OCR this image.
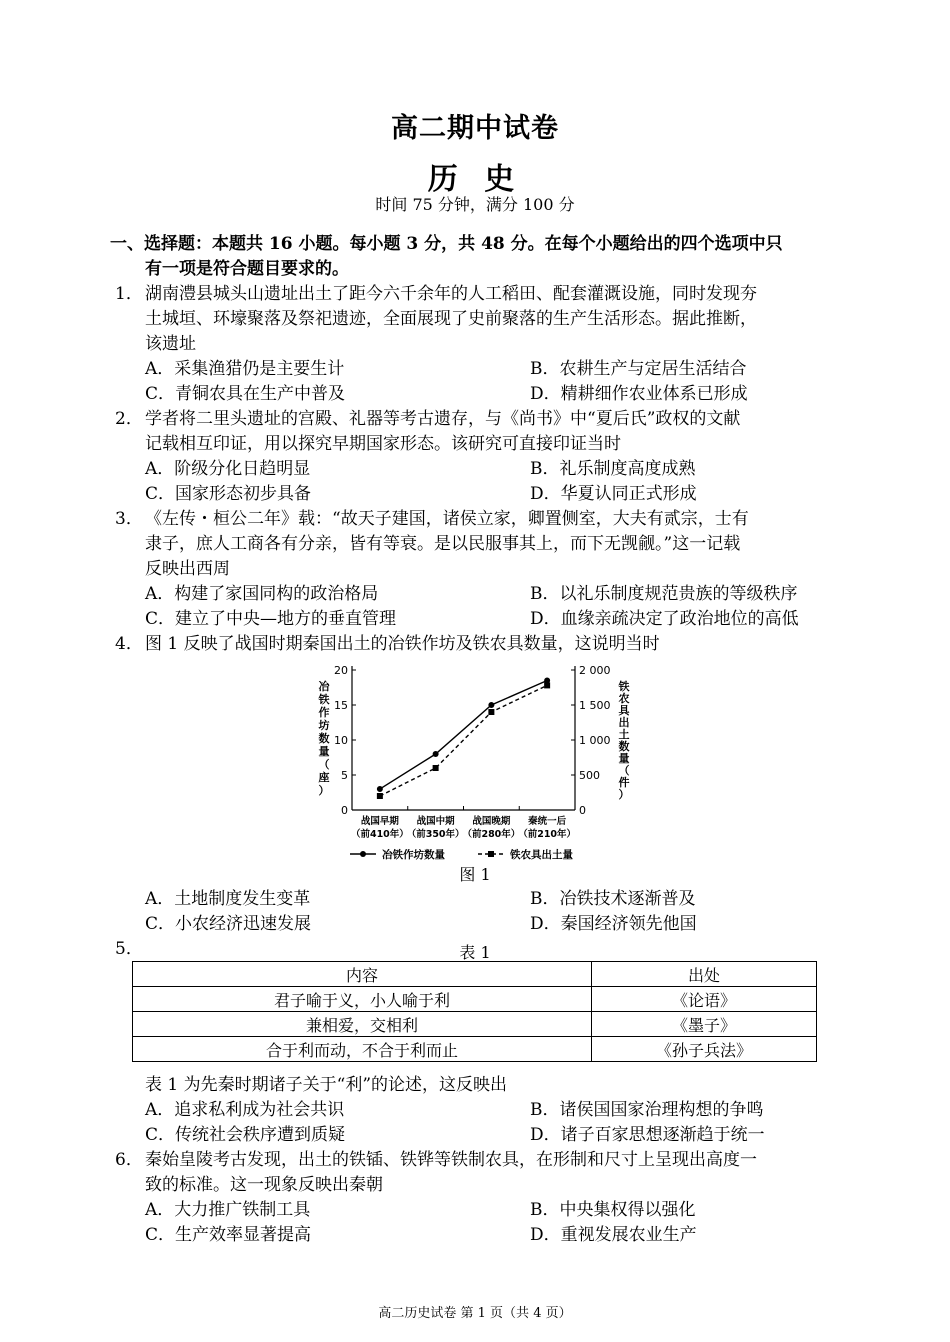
高二期中试卷
历 史
时间 75 分钟，满分 100 分
一、选择题：本题共 16 小题。每小题 3 分，共 48 分。在每个小题给出的四个选项中只
有一项是符合题目要求的。
1． 湖南澧县城头山遗址出土了距今六千余年的人工稻田、配套灌溉设施，同时发现夯
土城垣、环壕聚落及祭祀遗迹，全面展现了史前聚落的生产生活形态。据此推断，
该遗址
A．采集渔猎仍是主要生计	B．农耕生产与定居生活结合
C．青铜农具在生产中普及	D．精耕细作农业体系已形成
2． 学者将二里头遗址的宫殿、礼器等考古遗存，与《尚书》中“夏后氏”政权的文献
记载相互印证，用以探究早期国家形态。该研究可直接印证当时
A．阶级分化日趋明显	B．礼乐制度高度成熟
C．国家形态初步具备	D．华夏认同正式形成
3． 《左传・桓公二年》载：“故天子建国，诸侯立家，卿置侧室，大夫有贰宗，士有
隶子，庶人工商各有分亲，皆有等衰。是以民服事其上，而下无觊觎。”这一记载
反映出西周
A．构建了家国同构的政治格局	B．以礼乐制度规范贵族的等级秩序
C．建立了中央—地方的垂直管理	D．血缘亲疏决定了政治地位的高低
4． 图 1 反映了战国时期秦国出土的冶铁作坊及铁农具数量，这说明当时
0
5
10
15
20
0
500
1 000
1 500
2 000
冶
铁
作
坊
数
量
（
座
）
铁
农
具
出
土
数
量
（
件
）
战国早期
（前410年）
战国中期
（前350年）
战国晚期
（前280年）
秦统一后
（前210年）
冶铁作坊数量	铁农具出土量
图 1
A．土地制度发生变革	B．冶铁技术逐渐普及
C．小农经济迅速发展	D．秦国经济领先他国
5．	表 1
内容	出处
君子喻于义，小人喻于利	《论语》
兼相爱，交相利	《墨子》
合于利而动，不合于利而止	《孙子兵法》
表 1 为先秦时期诸子关于“利”的论述，这反映出
A．追求私利成为社会共识	B．诸侯国国家治理构想的争鸣
C．传统社会秩序遭到质疑	D．诸子百家思想逐渐趋于统一
6． 秦始皇陵考古发现，出土的铁锸、铁铧等铁制农具，在形制和尺寸上呈现出高度一
致的标准。这一现象反映出秦朝
A．大力推广铁制工具	B．中央集权得以强化
C．生产效率显著提高	D．重视发展农业生产
高二历史试卷 第 1 页（共 4 页）
